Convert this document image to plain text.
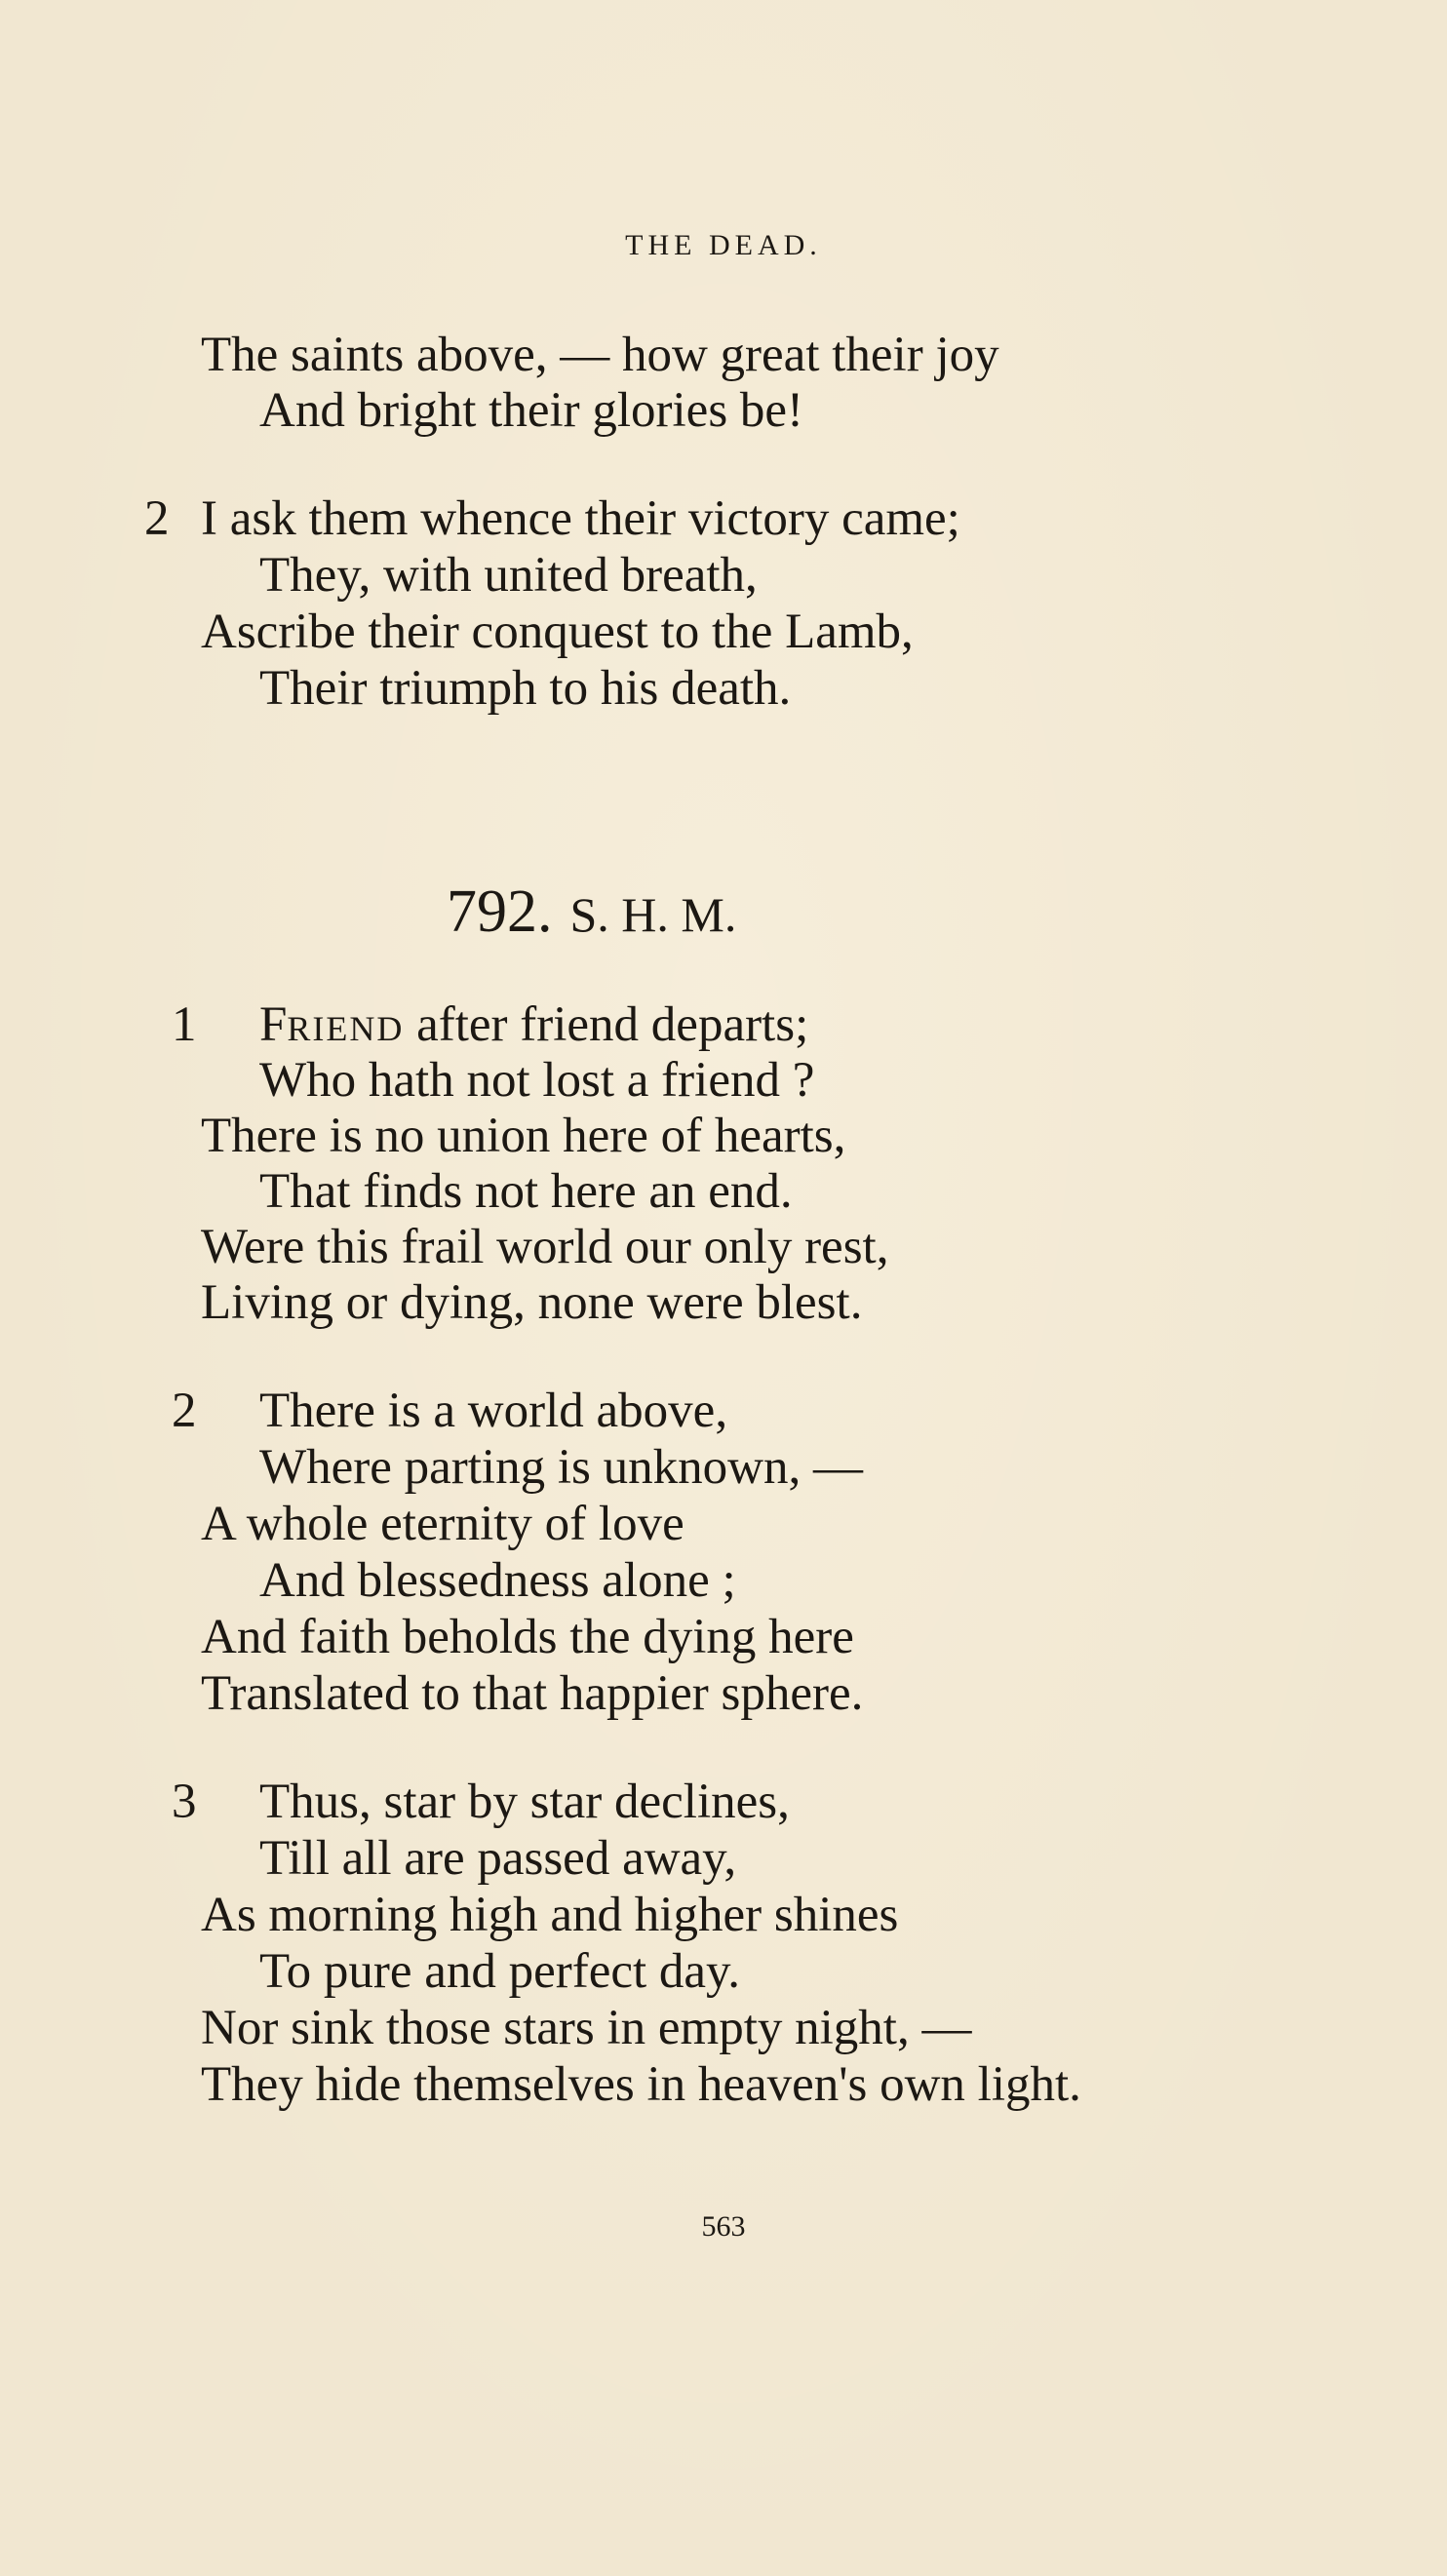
THE DEAD.
The saints above, — how great their joy
And bright their glories be!
2 I ask them whence their victory came;
They, with united breath,
Ascribe their conquest to the Lamb,
Their triumph to his death.
792. S. H. M.
1 FRIEND after friend departs;
Who hath not lost a friend ?
There is no union here of hearts,
That finds not here an end.
Were this frail world our only rest,
Living or dying, none were blest.
2 There is a world above,
Where parting is unknown, —
A whole eternity of love
And blessedness alone ;
And faith beholds the dying here
Translated to that happier sphere.
3 Thus, star by star declines,
Till all are passed away,
As morning high and higher shines
To pure and perfect day.
Nor sink those stars in empty night, —
They hide themselves in heaven's own light.
563
